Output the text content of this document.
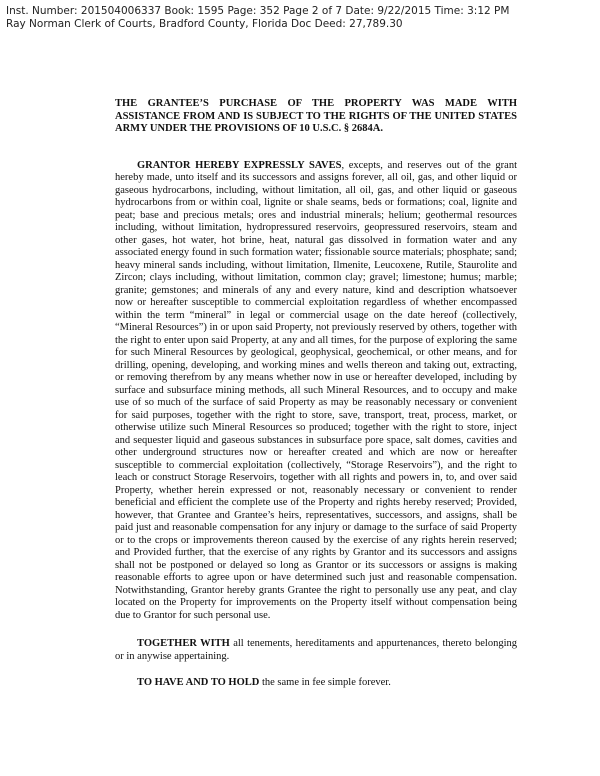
Inst. Number: 201504006337 Book: 1595 Page: 352 Page 2 of 7 Date: 9/22/2015 Time: 3:12 PM
Ray Norman Clerk of Courts, Bradford County, Florida Doc Deed: 27,789.30

THE GRANTEE’S PURCHASE OF THE PROPERTY WAS MADE WITH ASSISTANCE FROM AND IS SUBJECT TO THE RIGHTS OF THE UNITED STATES ARMY UNDER THE PROVISIONS OF 10 U.S.C. § 2684A.

GRANTOR HEREBY EXPRESSLY SAVES, excepts, and reserves out of the grant hereby made, unto itself and its successors and assigns forever, all oil, gas, and other liquid or gaseous hydrocarbons, including, without limitation, all oil, gas, and other liquid or gaseous hydrocarbons from or within coal, lignite or shale seams, beds or formations; coal, lignite and peat; base and precious metals; ores and industrial minerals; helium; geothermal resources including, without limitation, hydropressured reservoirs, geopressured reservoirs, steam and other gases, hot water, hot brine, heat, natural gas dissolved in formation water and any associated energy found in such formation water; fissionable source materials; phosphate; sand; heavy mineral sands including, without limitation, Ilmenite, Leucoxene, Rutile, Staurolite and Zircon; clays including, without limitation, common clay; gravel; limestone; humus; marble; granite; gemstones; and minerals of any and every nature, kind and description whatsoever now or hereafter susceptible to commercial exploitation regardless of whether encompassed within the term “mineral” in legal or commercial usage on the date hereof (collectively, “Mineral Resources”) in or upon said Property, not previously reserved by others, together with the right to enter upon said Property, at any and all times, for the purpose of exploring the same for such Mineral Resources by geological, geophysical, geochemical, or other means, and for drilling, opening, developing, and working mines and wells thereon and taking out, extracting, or removing therefrom by any means whether now in use or hereafter developed, including by surface and subsurface mining methods, all such Mineral Resources, and to occupy and make use of so much of the surface of said Property as may be reasonably necessary or convenient for said purposes, together with the right to store, save, transport, treat, process, market, or otherwise utilize such Mineral Resources so produced; together with the right to store, inject and sequester liquid and gaseous substances in subsurface pore space, salt domes, cavities and other underground structures now or hereafter created and which are now or hereafter susceptible to commercial exploitation (collectively, “Storage Reservoirs”), and the right to leach or construct Storage Reservoirs, together with all rights and powers in, to, and over said Property, whether herein expressed or not, reasonably necessary or convenient to render beneficial and efficient the complete use of the Property and rights hereby reserved; Provided, however, that Grantee and Grantee’s heirs, representatives, successors, and assigns, shall be paid just and reasonable compensation for any injury or damage to the surface of said Property or to the crops or improvements thereon caused by the exercise of any rights herein reserved; and Provided further, that the exercise of any rights by Grantor and its successors and assigns shall not be postponed or delayed so long as Grantor or its successors or assigns is making reasonable efforts to agree upon or have determined such just and reasonable compensation. Notwithstanding, Grantor hereby grants Grantee the right to personally use any peat, and clay located on the Property for improvements on the Property itself without compensation being due to Grantor for such personal use.

TOGETHER WITH all tenements, hereditaments and appurtenances, thereto belonging or in anywise appertaining.

TO HAVE AND TO HOLD the same in fee simple forever.
